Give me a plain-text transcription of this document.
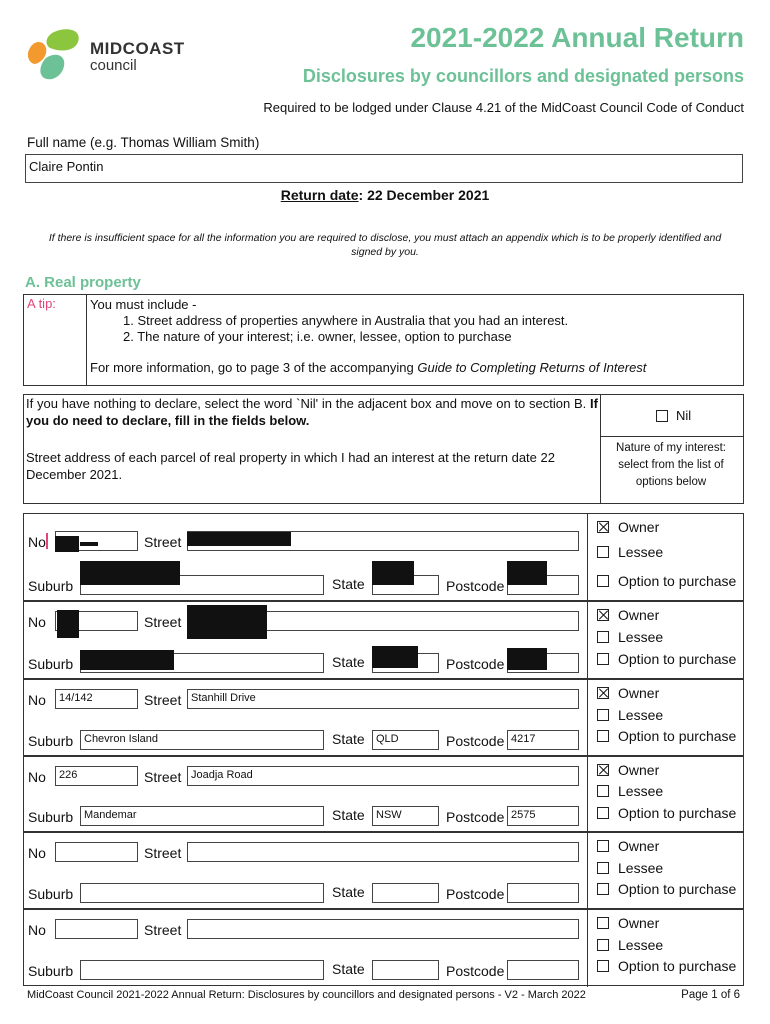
MIDCOAST
council
2021-2022 Annual Return
Disclosures by councillors and designated persons
Required to be lodged under Clause 4.21 of the MidCoast Council Code of Conduct
Full name (e.g. Thomas William Smith)
Claire Pontin
Return date: 22 December 2021
If there is insufficient space for all the information you are required to disclose, you must attach an appendix which is to be properly identified and signed by you.
A. Real property
A tip:	You must include -
1. Street address of properties anywhere in Australia that you had an interest.
2. The nature of your interest; i.e. owner, lessee, option to purchase
For more information, go to page 3 of the accompanying Guide to Completing Returns of Interest
If you have nothing to declare, select the word `Nil' in the adjacent box and move on to section B. If you do need to declare, fill in the fields below.	Nil
Street address of each parcel of real property in which I had an interest at the return date 22 December 2021.
Nature of my interest: select from the list of options below
No	Street
Suburb	State	Postcode
Owner
Lessee
Option to purchase
No	Street
Suburb	State	Postcode
Owner
Lessee
Option to purchase
No 14/142	Street Stanhill Drive
Suburb Chevron Island	State QLD	Postcode 4217
Owner
Lessee
Option to purchase
No 226	Street Joadja Road
Suburb Mandemar	State NSW	Postcode 2575
Owner
Lessee
Option to purchase
No	Street
Suburb	State	Postcode
Owner
Lessee
Option to purchase
No	Street
Suburb	State	Postcode
Owner
Lessee
Option to purchase
MidCoast Council 2021-2022 Annual Return: Disclosures by councillors and designated persons - V2 - March 2022	Page 1 of 6
